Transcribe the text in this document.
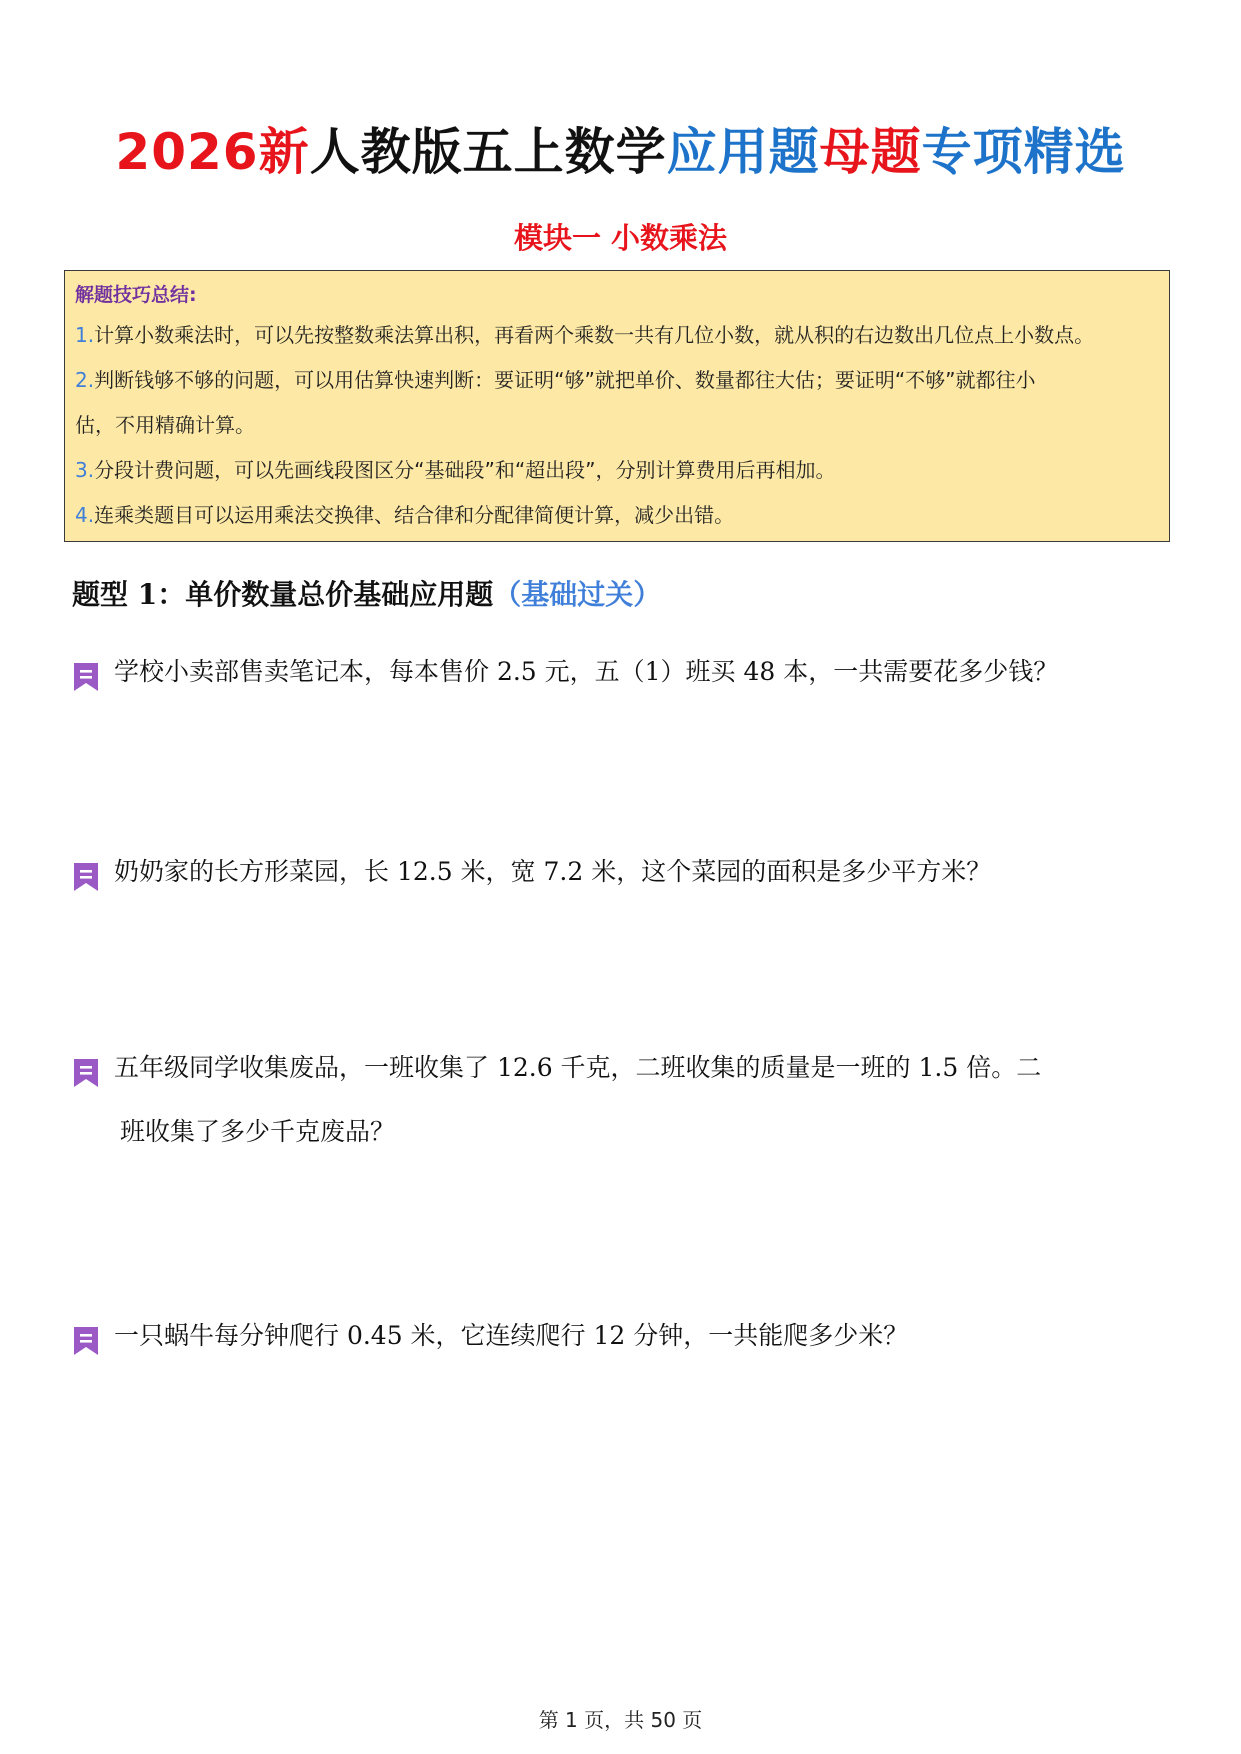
2026新人教版五上数学应用题母题专项精选
模块一 小数乘法
解题技巧总结:
1.计算小数乘法时，可以先按整数乘法算出积，再看两个乘数一共有几位小数，就从积的右边数出几位点上小数点。
2.判断钱够不够的问题，可以用估算快速判断：要证明“够”就把单价、数量都往大估；要证明“不够”就都往小
估，不用精确计算。
3.分段计费问题，可以先画线段图区分“基础段”和“超出段”，分别计算费用后再相加。
4.连乘类题目可以运用乘法交换律、结合律和分配律简便计算，减少出错。
题型 1：单价数量总价基础应用题（基础过关）
学校小卖部售卖笔记本，每本售价 2.5 元，五（1）班买 48 本，一共需要花多少钱？
奶奶家的长方形菜园，长 12.5 米，宽 7.2 米，这个菜园的面积是多少平方米？
五年级同学收集废品，一班收集了 12.6 千克，二班收集的质量是一班的 1.5 倍。二
班收集了多少千克废品？
一只蜗牛每分钟爬行 0.45 米，它连续爬行 12 分钟，一共能爬多少米？
第 1 页，共 50 页
